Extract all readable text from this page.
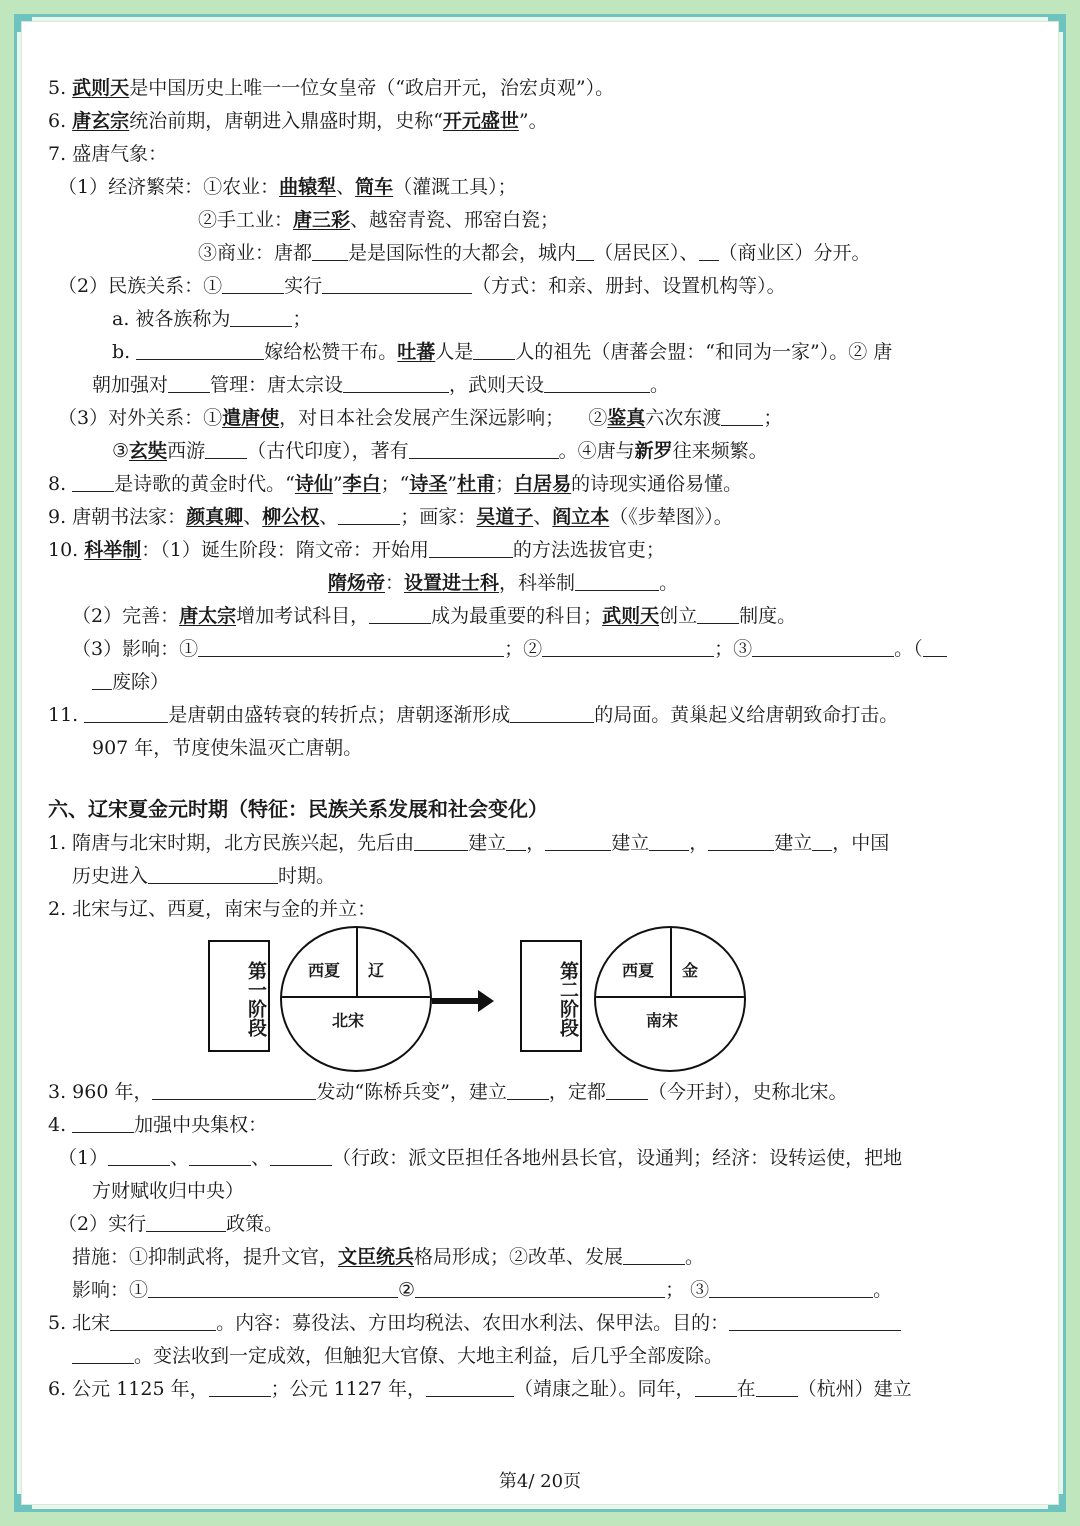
5. 武则天是中国历史上唯一一位女皇帝（“政启开元，治宏贞观”）。
6. 唐玄宗统治前期，唐朝进入鼎盛时期，史称“开元盛世”。
7. 盛唐气象：
（1）经济繁荣：①农业：曲辕犁、筒车（灌溉工具）；
②手工业：唐三彩、越窑青瓷、邢窑白瓷；
③商业：唐都 是是国际性的大都会，城内 （居民区）、 （商业区）分开。
（2）民族关系：①	实行	（方式：和亲、册封、设置机构等）。
a. 被各族称为	；
b.	嫁给松赞干布。吐蕃人是 人的祖先（唐蕃会盟：“和同为一家”）。② 唐
朝加强对 管理：唐太宗设	，武则天设	。
（3）对外关系：①遣唐使，对日本社会发展产生深远影响；    ②鉴真六次东渡 ；
③玄奘西游 （古代印度），著有	。④唐与新罗往来频繁。
8. 是诗歌的黄金时代。“诗仙”李白；“诗圣”杜甫；白居易的诗现实通俗易懂。
9. 唐朝书法家：颜真卿、柳公权、	；画家：吴道子、阎立本（《步辇图》）。
10. 科举制：（1）诞生阶段：隋文帝：开始用	的方法选拔官吏；
隋炀帝：设置进士科，科举制	。
（2）完善：唐太宗增加考试科目，	成为最重要的科目；武则天创立 制度。
（3）影响：①	；②	；③	。（
废除）
11.	是唐朝由盛转衰的转折点；唐朝逐渐形成	的局面。黄巢起义给唐朝致命打击。
907 年，节度使朱温灭亡唐朝。
六、辽宋夏金元时期（特征：民族关系发展和社会变化）
1. 隋唐与北宋时期，北方民族兴起，先后由	建立 ，	建立 ，	建立 ，中国
历史进入	时期。
2. 北宋与辽、西夏，南宋与金的并立：
第一阶段	西夏 辽
北宋	第二阶段	西夏 金
南宋
3. 960 年，	发动“陈桥兵变”，建立 ，定都 （今开封），史称北宋。
4.	加强中央集权：
（1）	、	、	（行政：派文臣担任各地州县长官，设通判；经济：设转运使，把地
方财赋收归中央）
（2）实行	政策。
措施：①抑制武将，提升文官，文臣统兵格局形成；②改革、发展	。
影响：①	②	； ③	。
5. 北宋	。内容：募役法、方田均税法、农田水利法、保甲法。目的：
。变法收到一定成效，但触犯大官僚、大地主利益，后几乎全部废除。
6. 公元 1125 年，	；公元 1127 年，	（靖康之耻）。同年， 在 （杭州）建立
第4/ 20页
